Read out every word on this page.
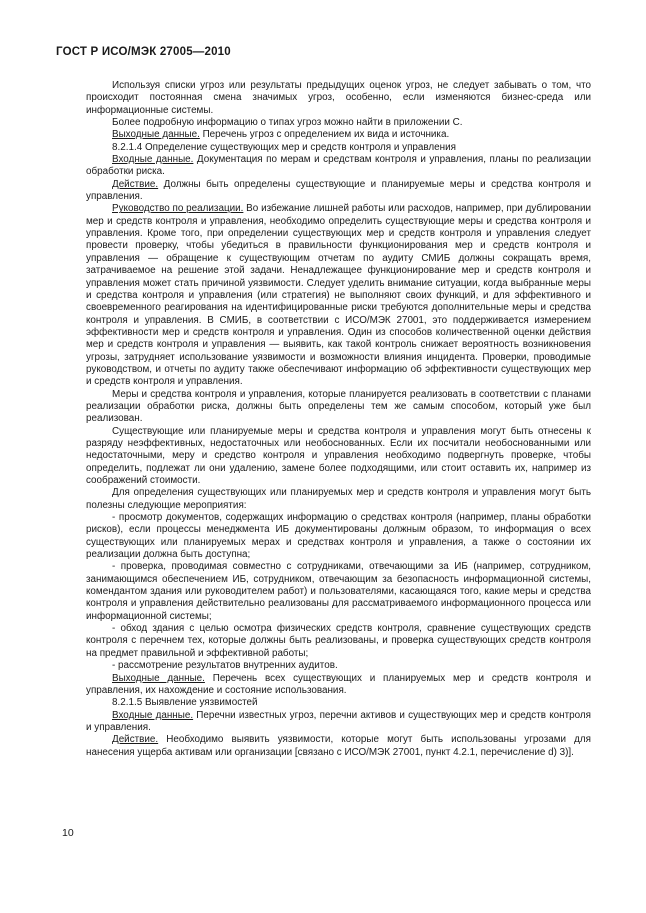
ГОСТ Р ИСО/МЭК 27005—2010

Используя списки угроз или результаты предыдущих оценок угроз, не следует забывать о том, что происходит постоянная смена значимых угроз, особенно, если изменяются бизнес-среда или информационные системы.

Более подробную информацию о типах угроз можно найти в приложении С.

Выходные данные. Перечень угроз с определением их вида и источника.

8.2.1.4 Определение существующих мер и средств контроля и управления

Входные данные. Документация по мерам и средствам контроля и управления, планы по реализации обработки риска.

Действие. Должны быть определены существующие и планируемые меры и средства контроля и управления.

Руководство по реализации. Во избежание лишней работы или расходов, например, при дублировании мер и средств контроля и управления, необходимо определить существующие меры и средства контроля и управления. Кроме того, при определении существующих мер и средств контроля и управления следует провести проверку, чтобы убедиться в правильности функционирования мер и средств контроля и управления — обращение к существующим отчетам по аудиту СМИБ должны сокращать время, затрачиваемое на решение этой задачи. Ненадлежащее функционирование мер и средств контроля и управления может стать причиной уязвимости. Следует уделить внимание ситуации, когда выбранные меры и средства контроля и управления (или стратегия) не выполняют своих функций, и для эффективного и своевременного реагирования на идентифицированные риски требуются дополнительные меры и средства контроля и управления. В СМИБ, в соответствии с ИСО/МЭК 27001, это поддерживается измерением эффективности мер и средств контроля и управления. Один из способов количественной оценки действия мер и средств контроля и управления — выявить, как такой контроль снижает вероятность возникновения угрозы, затрудняет использование уязвимости и возможности влияния инцидента. Проверки, проводимые руководством, и отчеты по аудиту также обеспечивают информацию об эффективности существующих мер и средств контроля и управления.

Меры и средства контроля и управления, которые планируется реализовать в соответствии с планами реализации обработки риска, должны быть определены тем же самым способом, который уже был реализован.

Существующие или планируемые меры и средства контроля и управления могут быть отнесены к разряду неэффективных, недостаточных или необоснованных. Если их посчитали необоснованными или недостаточными, меру и средство контроля и управления необходимо подвергнуть проверке, чтобы определить, подлежат ли они удалению, замене более подходящими, или стоит оставить их, например из соображений стоимости.

Для определения существующих или планируемых мер и средств контроля и управления могут быть полезны следующие мероприятия:

- просмотр документов, содержащих информацию о средствах контроля (например, планы обработки рисков), если процессы менеджмента ИБ документированы должным образом, то информация о всех существующих или планируемых мерах и средствах контроля и управления, а также о состоянии их реализации должна быть доступна;

- проверка, проводимая совместно с сотрудниками, отвечающими за ИБ (например, сотрудником, занимающимся обеспечением ИБ, сотрудником, отвечающим за безопасность информационной системы, комендантом здания или руководителем работ) и пользователями, касающаяся того, какие меры и средства контроля и управления действительно реализованы для рассматриваемого информационного процесса или информационной системы;

- обход здания с целью осмотра физических средств контроля, сравнение существующих средств контроля с перечнем тех, которые должны быть реализованы, и проверка существующих средств контроля на предмет правильной и эффективной работы;

- рассмотрение результатов внутренних аудитов.

Выходные данные. Перечень всех существующих и планируемых мер и средств контроля и управления, их нахождение и состояние использования.

8.2.1.5 Выявление уязвимостей

Входные данные. Перечни известных угроз, перечни активов и существующих мер и средств контроля и управления.

Действие. Необходимо выявить уязвимости, которые могут быть использованы угрозами для нанесения ущерба активам или организации [связано с ИСО/МЭК 27001, пункт 4.2.1, перечисление d) 3)].

10
